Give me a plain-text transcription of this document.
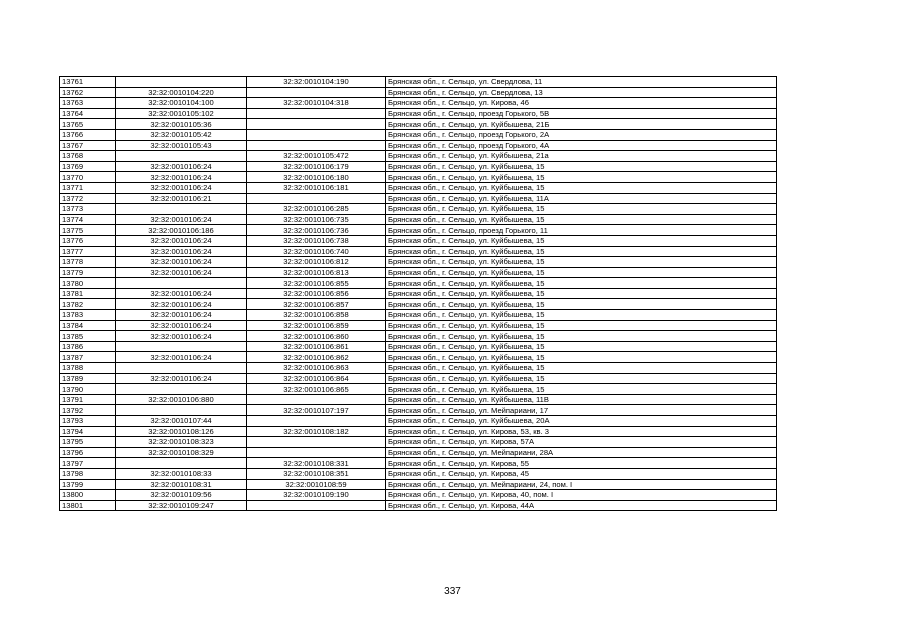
13761		32:32:0010104:190	Брянская обл., г. Сельцо, ул. Свердлова, 11
13762	32:32:0010104:220		Брянская обл., г. Сельцо, ул. Свердлова, 13
13763	32:32:0010104:100	32:32:0010104:318	Брянская обл., г. Сельцо, ул. Кирова, 46
13764	32:32:0010105:102		Брянская обл., г. Сельцо, проезд Горького, 5В
13765	32:32:0010105:36		Брянская обл., г. Сельцо, ул. Куйбышева, 21Б
13766	32:32:0010105:42		Брянская обл., г. Сельцо, проезд Горького, 2А
13767	32:32:0010105:43		Брянская обл., г. Сельцо, проезд Горького, 4А
13768		32:32:0010105:472	Брянская обл., г. Сельцо, ул. Куйбышева, 21а
13769	32:32:0010106:24	32:32:0010106:179	Брянская обл., г. Сельцо, ул. Куйбышева, 15
13770	32:32:0010106:24	32:32:0010106:180	Брянская обл., г. Сельцо, ул. Куйбышева, 15
13771	32:32:0010106:24	32:32:0010106:181	Брянская обл., г. Сельцо, ул. Куйбышева, 15
13772	32:32:0010106:21		Брянская обл., г. Сельцо, ул. Куйбышева, 11А
13773		32:32:0010106:285	Брянская обл., г. Сельцо, ул. Куйбышева, 15
13774	32:32:0010106:24	32:32:0010106:735	Брянская обл., г. Сельцо, ул. Куйбышева, 15
13775	32:32:0010106:186	32:32:0010106:736	Брянская обл., г. Сельцо, проезд Горького, 11
13776	32:32:0010106:24	32:32:0010106:738	Брянская обл., г. Сельцо, ул. Куйбышева, 15
13777	32:32:0010106:24	32:32:0010106:740	Брянская обл., г. Сельцо, ул. Куйбышева, 15
13778	32:32:0010106:24	32:32:0010106:812	Брянская обл., г. Сельцо, ул. Куйбышева, 15
13779	32:32:0010106:24	32:32:0010106:813	Брянская обл., г. Сельцо, ул. Куйбышева, 15
13780		32:32:0010106:855	Брянская обл., г. Сельцо, ул. Куйбышева, 15
13781	32:32:0010106:24	32:32:0010106:856	Брянская обл., г. Сельцо, ул. Куйбышева, 15
13782	32:32:0010106:24	32:32:0010106:857	Брянская обл., г. Сельцо, ул. Куйбышева, 15
13783	32:32:0010106:24	32:32:0010106:858	Брянская обл., г. Сельцо, ул. Куйбышева, 15
13784	32:32:0010106:24	32:32:0010106:859	Брянская обл., г. Сельцо, ул. Куйбышева, 15
13785	32:32:0010106:24	32:32:0010106:860	Брянская обл., г. Сельцо, ул. Куйбышева, 15
13786		32:32:0010106:861	Брянская обл., г. Сельцо, ул. Куйбышева, 15
13787	32:32:0010106:24	32:32:0010106:862	Брянская обл., г. Сельцо, ул. Куйбышева, 15
13788		32:32:0010106:863	Брянская обл., г. Сельцо, ул. Куйбышева, 15
13789	32:32:0010106:24	32:32:0010106:864	Брянская обл., г. Сельцо, ул. Куйбышева, 15
13790		32:32:0010106:865	Брянская обл., г. Сельцо, ул. Куйбышева, 15
13791	32:32:0010106:880		Брянская обл., г. Сельцо, ул. Куйбышева, 11В
13792		32:32:0010107:197	Брянская обл., г. Сельцо, ул. Мейпариани, 17
13793	32:32:0010107:44		Брянская обл., г. Сельцо, ул. Куйбышева, 20А
13794	32:32:0010108:126	32:32:0010108:182	Брянская обл., г. Сельцо, ул. Кирова, 53, кв. 3
13795	32:32:0010108:323		Брянская обл., г. Сельцо, ул. Кирова, 57А
13796	32:32:0010108:329		Брянская обл., г. Сельцо, ул. Мейпариани, 28А
13797		32:32:0010108:331	Брянская обл., г. Сельцо, ул. Кирова, 55
13798	32:32:0010108:33	32:32:0010108:351	Брянская обл., г. Сельцо, ул. Кирова, 45
13799	32:32:0010108:31	32:32:0010108:59	Брянская обл., г. Сельцо, ул. Мейпариани, 24, пом. I
13800	32:32:0010109:56	32:32:0010109:190	Брянская обл., г. Сельцо, ул. Кирова, 40, пом. I
13801	32:32:0010109:247		Брянская обл., г. Сельцо, ул. Кирова, 44А
337
